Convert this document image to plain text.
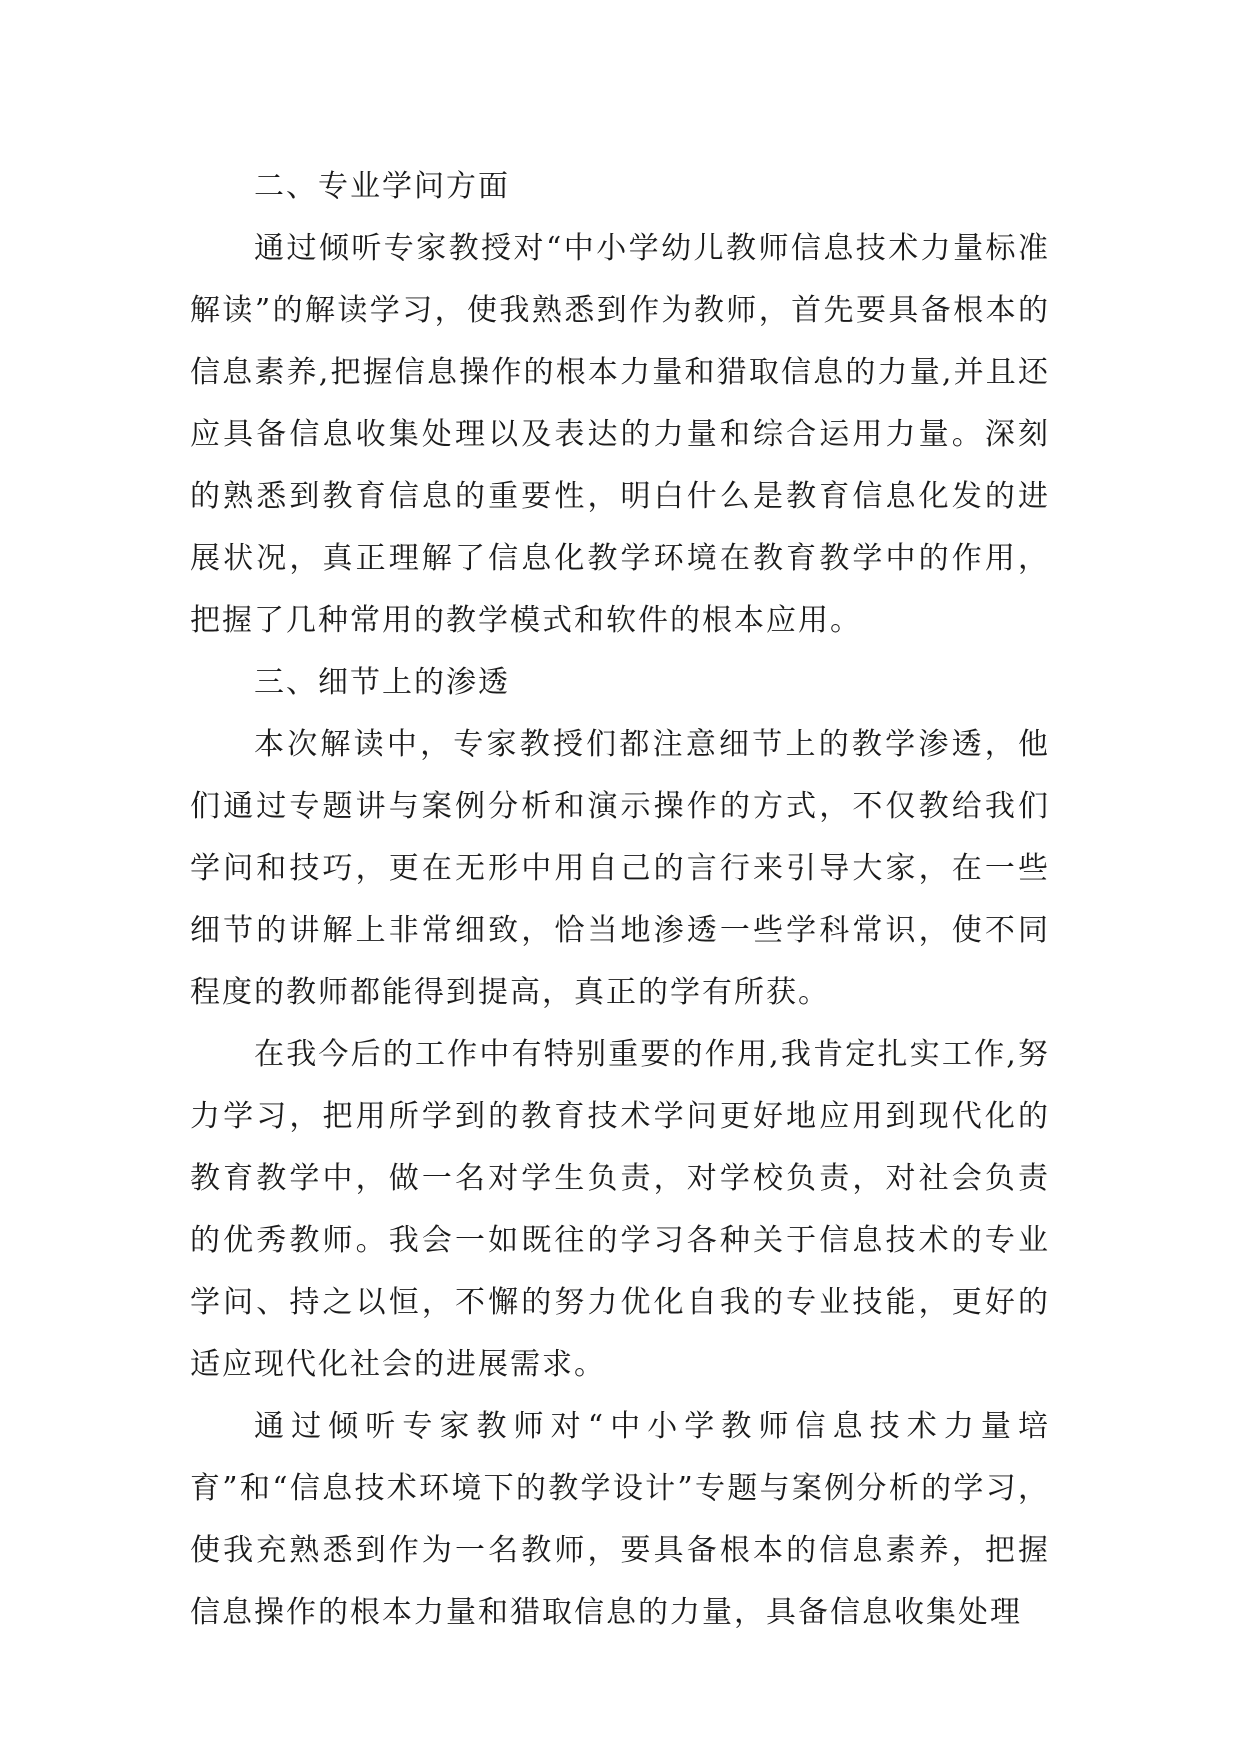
二、专业学问方面

通过倾听专家教授对“中小学幼儿教师信息技术力量标准解读”的解读学习，使我熟悉到作为教师，首先要具备根本的信息素养,把握信息操作的根本力量和猎取信息的力量,并且还应具备信息收集处理以及表达的力量和综合运用力量。深刻的熟悉到教育信息的重要性，明白什么是教育信息化发的进展状况，真正理解了信息化教学环境在教育教学中的作用，把握了几种常用的教学模式和软件的根本应用。

三、细节上的渗透

本次解读中，专家教授们都注意细节上的教学渗透，他们通过专题讲与案例分析和演示操作的方式，不仅教给我们学问和技巧，更在无形中用自己的言行来引导大家，在一些细节的讲解上非常细致，恰当地渗透一些学科常识，使不同程度的教师都能得到提高，真正的学有所获。

在我今后的工作中有特别重要的作用,我肯定扎实工作,努力学习，把用所学到的教育技术学问更好地应用到现代化的教育教学中，做一名对学生负责，对学校负责，对社会负责的优秀教师。我会一如既往的学习各种关于信息技术的专业学问、持之以恒，不懈的努力优化自我的专业技能，更好的适应现代化社会的进展需求。

通过倾听专家教师对“中小学教师信息技术力量培育”和“信息技术环境下的教学设计”专题与案例分析的学习，使我充熟悉到作为一名教师，要具备根本的信息素养，把握信息操作的根本力量和猎取信息的力量，具备信息收集处理
